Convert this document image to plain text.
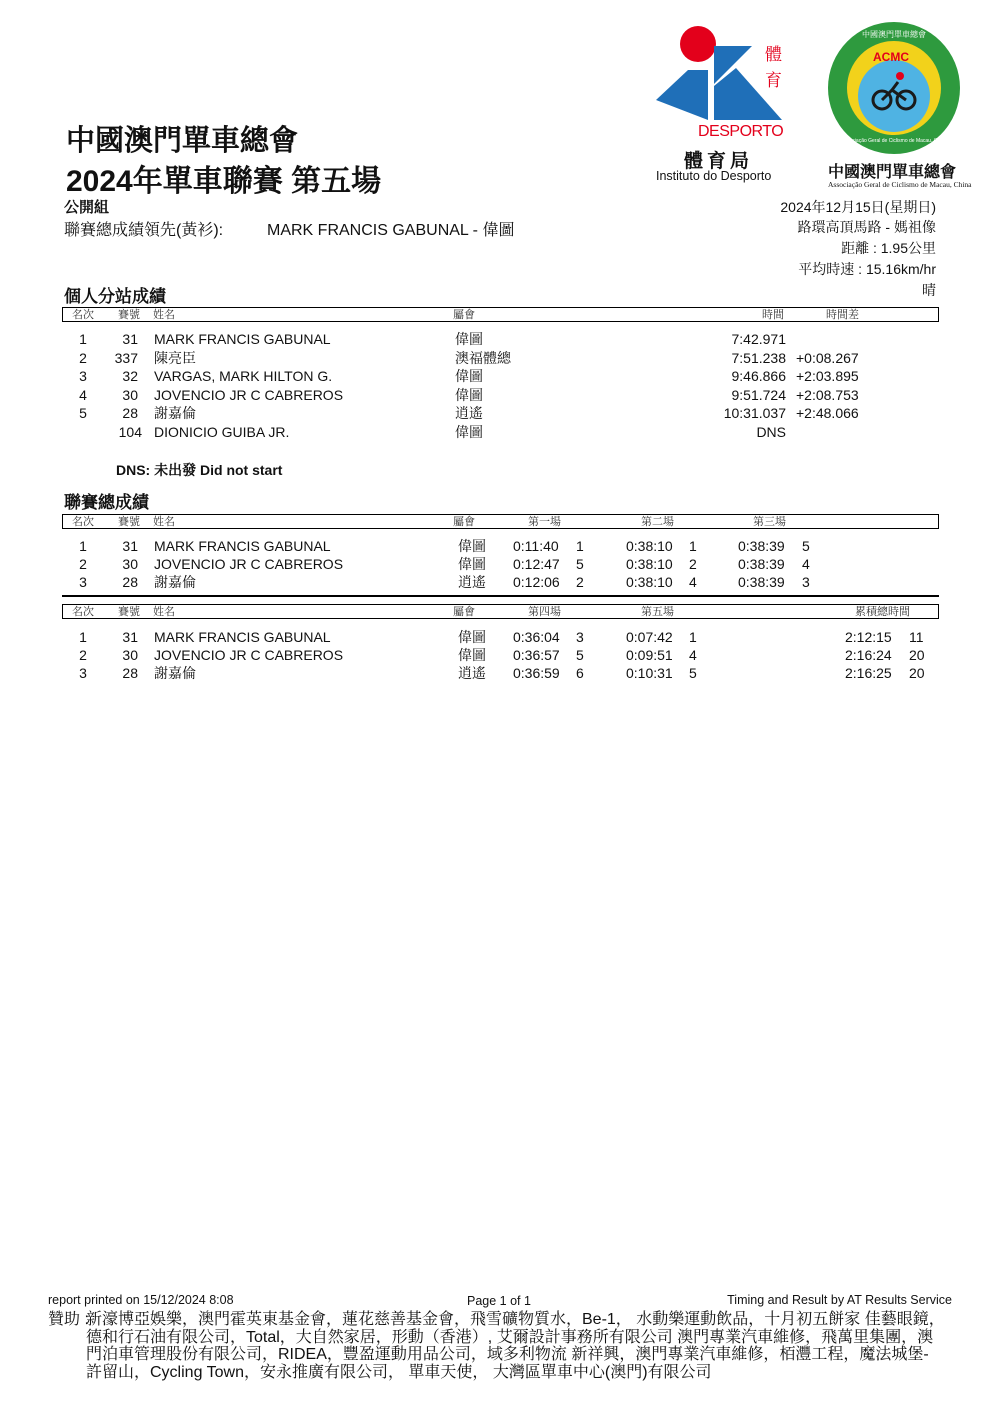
中國澳門單車總會
2024年單車聯賽 第五場
公開組
聯賽總成績領先(黃衫):	MARK FRANCIS GABUNAL - 偉圖
體
育
DESPORTO
體育局
Instituto do Desporto
ACMC
中國澳門單車總會
Associação Geral de Ciclismo de Macau, China
中國澳門單車總會
Associação Geral de Ciclismo de Macau, China
2024年12月15日(星期日)
路環高頂馬路 - 媽祖像
距離 : 1.95公里
平均時速 : 15.16km/hr
晴
個人分站成績
名次 賽號 姓名	屬會	時間	時間差
1	31 MARK FRANCIS GABUNAL	偉圖	7:42.971
2	337 陳亮臣	澳福體總	7:51.238 +0:08.267
3	32 VARGAS, MARK HILTON G.	偉圖	9:46.866 +2:03.895
4	30 JOVENCIO JR C CABREROS	偉圖	9:51.724 +2:08.753
5	28 謝嘉倫	逍遙	10:31.037 +2:48.066
104 DIONICIO GUIBA JR.	偉圖	DNS
DNS: 未出發 Did not start
聯賽總成績
名次 賽號 姓名	屬會	第一場	第二場	第三場
1	31 MARK FRANCIS GABUNAL	偉圖 0:11:40 1	0:38:10 1	0:38:39 5
2	30 JOVENCIO JR C CABREROS	偉圖 0:12:47 5	0:38:10 2	0:38:39 4
3	28 謝嘉倫	逍遙 0:12:06 2	0:38:10 4	0:38:39 3
名次 賽號 姓名	屬會	第四場	第五場	累積總時間
1	31 MARK FRANCIS GABUNAL	偉圖 0:36:04 3	0:07:42 1	2:12:15 11
2	30 JOVENCIO JR C CABREROS	偉圖 0:36:57 5	0:09:51 4	2:16:24 20
3	28 謝嘉倫	逍遙 0:36:59 6	0:10:31 5	2:16:25 20
report printed on 15/12/2024 8:08	Page 1 of 1	Timing and Result by AT Results Service
贊助 :
新濠博亞娛樂，澳門霍英東基金會，蓮花慈善基金會，飛雪礦物質水，Be-1， 水動樂運動飲品，十月初五餅家 佳藝眼鏡，德和行石油有限公司，Total，大自然家居，形動（香港）, 艾爾設計事務所有限公司 澳門專業汽車維修，飛萬里集團，澳門泊車管理股份有限公司，RIDEA，豐盈運動用品公司，域多利物流 新祥興，澳門專業汽車維修，栢灃工程，魔法城堡- 許留山，Cycling Town，安永推廣有限公司， 單車天使， 大灣區單車中心(澳門)有限公司
